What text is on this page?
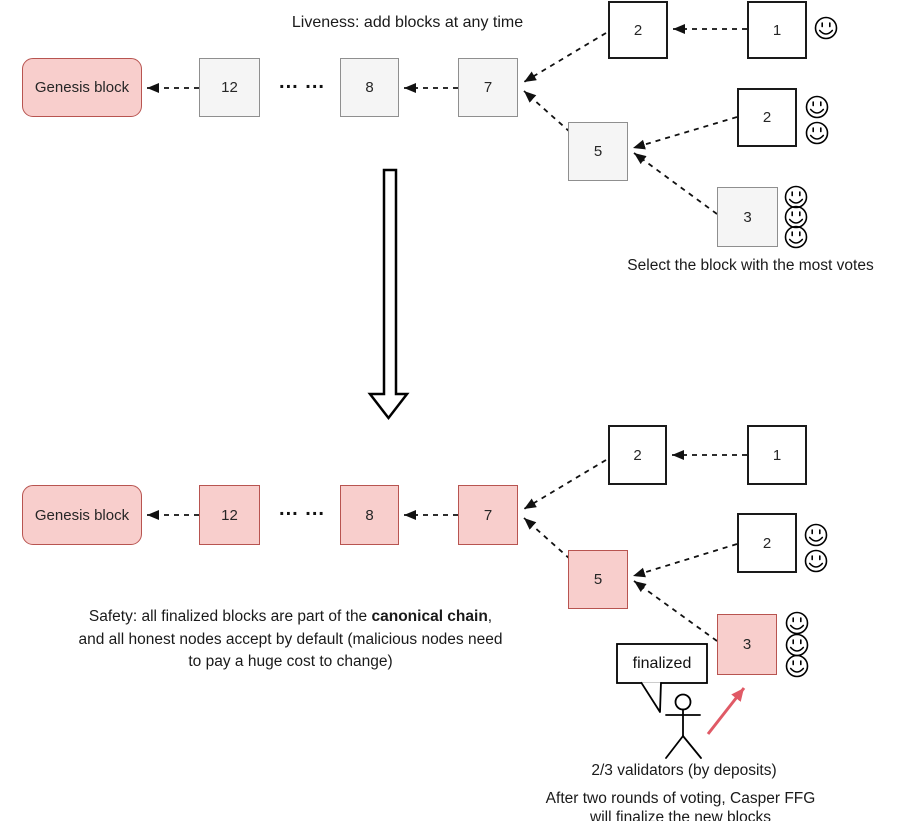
Liveness: add blocks at any time
Genesis block	12	... ...	8	7
2	1
2
5
3
Select the block with the most votes
Genesis block	12	... ...	8	7
2	1
2
5
3
Safety: all finalized blocks are part of the canonical chain,
and all honest nodes accept by default (malicious nodes need
to pay a huge cost to change)	finalized
2/3 validators (by deposits)
After two rounds of voting, Casper FFG
will finalize the new blocks
